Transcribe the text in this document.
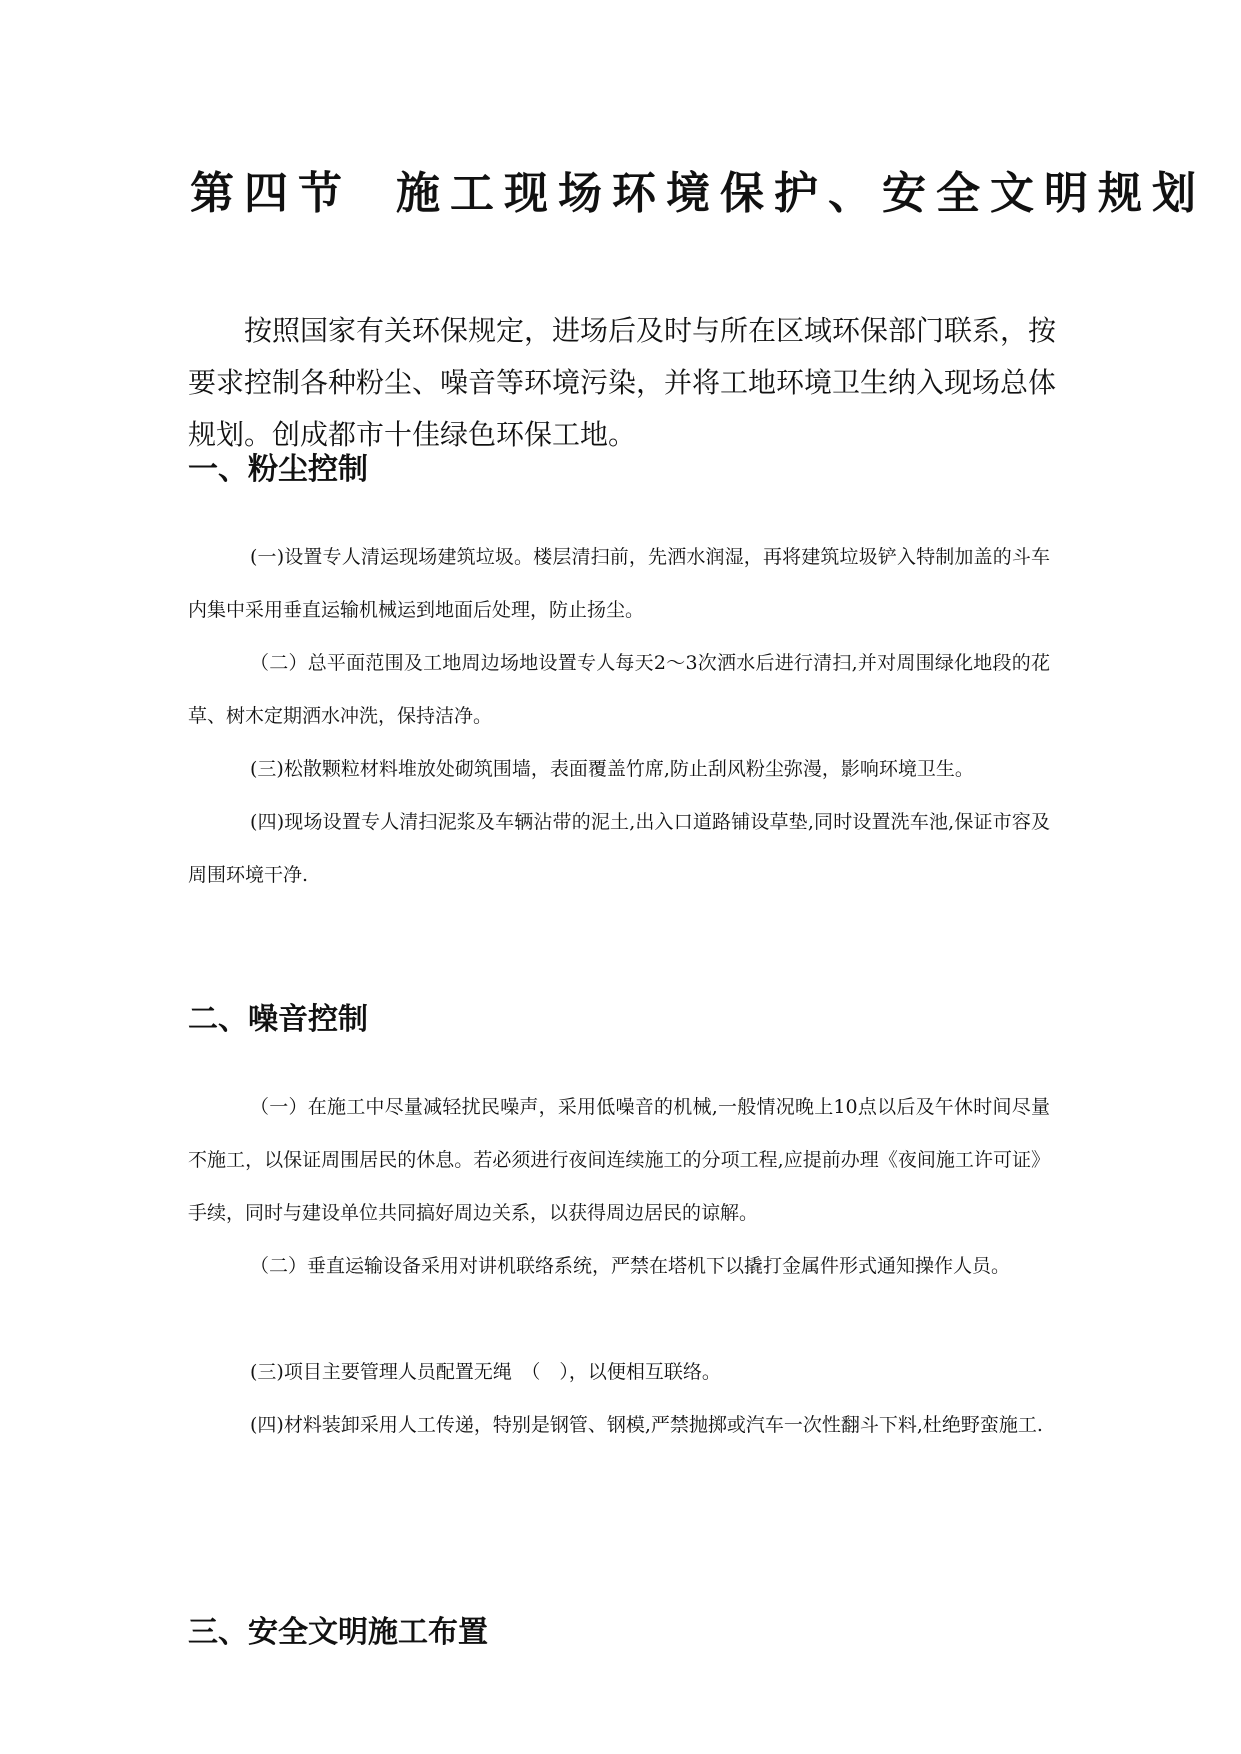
第四节 施工现场环境保护、安全文明规划

按照国家有关环保规定，进场后及时与所在区域环保部门联系，按要求控制各种粉尘、噪音等环境污染，并将工地环境卫生纳入现场总体规划。创成都市十佳绿色环保工地。

一、粉尘控制

(一)设置专人清运现场建筑垃圾。楼层清扫前，先洒水润湿，再将建筑垃圾铲入特制加盖的斗车内集中采用垂直运输机械运到地面后处理，防止扬尘。

（二）总平面范围及工地周边场地设置专人每天2～3次洒水后进行清扫,并对周围绿化地段的花草、树木定期洒水冲洗，保持洁净。

(三)松散颗粒材料堆放处砌筑围墙，表面覆盖竹席,防止刮风粉尘弥漫，影响环境卫生。

(四)现场设置专人清扫泥浆及车辆沾带的泥土,出入口道路铺设草垫,同时设置洗车池,保证市容及周围环境干净.

二、噪音控制

（一）在施工中尽量减轻扰民噪声，采用低噪音的机械,一般情况晚上10点以后及午休时间尽量不施工，以保证周围居民的休息。若必须进行夜间连续施工的分项工程,应提前办理《夜间施工许可证》手续，同时与建设单位共同搞好周边关系，以获得周边居民的谅解。

（二）垂直运输设备采用对讲机联络系统，严禁在塔机下以撬打金属件形式通知操作人员。

(三)项目主要管理人员配置无绳　（　），以便相互联络。

(四)材料装卸采用人工传递，特别是钢管、钢模,严禁抛掷或汽车一次性翻斗下料,杜绝野蛮施工.

三、安全文明施工布置
